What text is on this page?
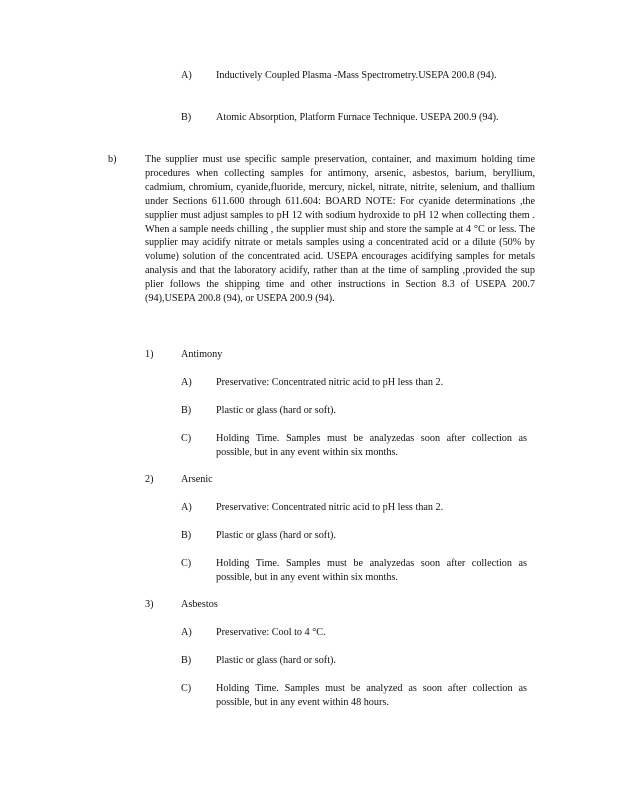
A) Inductively Coupled Plasma -Mass Spectrometry.USEPA 200.8 (94).
B) Atomic Absorption, Platform Furnace Technique. USEPA 200.9 (94).
b)	The supplier must use specific sample preservation, container, and maximum holding time procedures when collecting samples for antimony, arsenic, asbestos, barium, beryllium, cadmium, chromium, cyanide,fluoride, mercury, nickel, nitrate, nitrite, selenium, and thallium under Sections 611.600 through 611.604: BOARD NOTE: For cyanide determinations ,the supplier must adjust samples to pH 12 with sodium hydroxide to pH 12 when collecting them . When a sample needs chilling , the supplier must ship and store the sample at 4 °C or less. The supplier may acidify nitrate or metals samples using a concentrated acid or a dilute (50% by volume) solution of the concentrated acid. USEPA encourages acidifying samples for metals analysis and that the laboratory acidify, rather than at the time of sampling ,provided the sup plier follows the shipping time and other instructions in Section 8.3 of USEPA 200.7 (94),USEPA 200.8 (94), or USEPA 200.9 (94).
1)	Antimony
A) Preservative: Concentrated nitric acid to pH less than 2.
B) Plastic or glass (hard or soft).
C) Holding Time. Samples must be analyzedas soon after collection as possible, but in any event within six months.
2)	Arsenic
A) Preservative: Concentrated nitric acid to pH less than 2.
B) Plastic or glass (hard or soft).
C) Holding Time. Samples must be analyzedas soon after collection as possible, but in any event within six months.
3)	Asbestos
A) Preservative: Cool to 4 °C.
B) Plastic or glass (hard or soft).
C) Holding Time. Samples must be analyzed as soon after collection as possible, but in any event within 48 hours.
